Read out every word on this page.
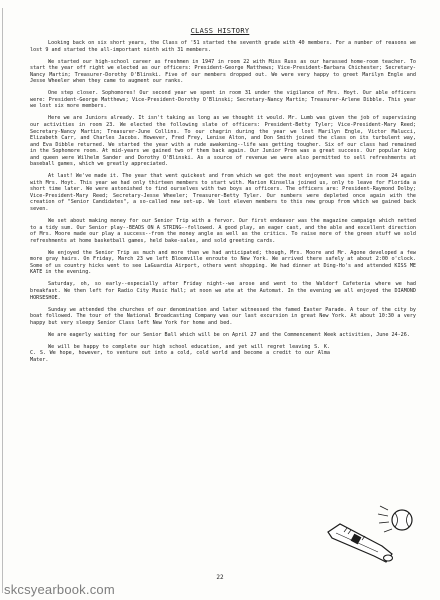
CLASS HISTORY

Looking back on six short years, the Class of '51 started the seventh grade with 40 members. For a number of reasons we lost 9 and started the all-important ninth with 31 members.

We started our high-school career as freshmen in 1947 in room 22 with Miss Russ as our harassed home-room teacher. To start the year off right we elected as our officers: President-George Matthews; Vice-President-Barbara Chichester; Secretary-Nancy Martin; Treasurer-Dorothy O'Blinski. Five of our members dropped out. We were very happy to greet Marilyn Engle and Jesse Wheeler when they came to augment our ranks.

One step closer. Sophomores! Our second year we spent in room 31 under the vigilance of Mrs. Hoyt. Our able officers were: President-George Matthews; Vice-President-Dorothy O'Blinski; Secretary-Nancy Martin; Treasurer-Arlene Dibble. This year we lost six more members.

Here we are Juniors already. It isn't taking as long as we thought it would. Mr. Lumb was given the job of supervising our activities in room 23. We elected the following slate of officers: President-Betty Tyler; Vice-President-Mary Reed; Secretary-Nancy Martin; Treasurer-June Collins. To our chagrin during the year we lost Marilyn Engle, Victor Malucci, Elizabeth Carr, and Charles Jacobs. However, Fred Frey, Lenise Alton, and Don Smith joined the class on its turbulent way, and Eva Dibble returned. We started the year with a rude awakening--life was getting tougher. Six of our class had remained in the Sophomore room. At mid-years we gained two of them back again. Our Junior Prom was a great success. Our popular king and queen were Wilhelm Sander and Dorothy O'Blinski. As a source of revenue we were also permitted to sell refreshments at baseball games, which we greatly appreciated.

At last! We've made it. The year that went quickest and from which we got the most enjoyment was spent in room 24 again with Mrs. Hoyt. This year we had only thirteen members to start with. Marion Kinsella joined us, only to leave for Florida a short time later. We were astonished to find ourselves with two boys as officers. The officers are: President-Raymond Dolby; Vice-President-Mary Reed; Secretary-Jesse Wheeler; Treasurer-Betty Tyler. Our numbers were depleted once again with the creation of "Senior Candidates", a so-called new set-up. We lost eleven members to this new group from which we gained back seven.

We set about making money for our Senior Trip with a fervor. Our first endeavor was the magazine campaign which netted to a tidy sum. Our Senior play--BEADS ON A STRING--followed. A good play, an eager cast, and the able and excellent direction of Mrs. Moore made our play a success--from the money angle as well as the critics. To raise more of the green stuff we sold refreshments at home basketball games, held bake-sales, and sold greeting cards.

We enjoyed the Senior Trip as much and more than we had anticipated; though, Mrs. Moore and Mr. Agone developed a few more gray hairs. On Friday, March 23 we left Bloomville enroute to New York. We arrived there safely at about 2:00 o'clock. Some of us country hicks went to see LaGuardia Airport, others went shopping. We had dinner at Ding-Ho's and attended KISS ME KATE in the evening.

Saturday, oh, so early--especially after Friday night--we arose and went to the Waldorf Cafeteria where we had breakfast. We then left for Radio City Music Hall; at noon we ate at the Automat. In the evening we all enjoyed the DIAMOND HORSESHOE.

Sunday we attended the churches of our denomination and later witnessed the famed Easter Parade. A tour of the city by boat followed. The tour of the National Broadcasting Company was our last excursion in great New York. At about 10:30 a very happy but very sleepy Senior Class left New York for home and bed.

We are eagerly waiting for our Senior Ball which will be on April 27 and the Commencement Week activities, June 24-26.

We will be happy to complete our high school education, and yet will regret leaving S. K. C. S. We hope, however, to venture out into a cold, cold world and become a credit to our Alma Mater.

22
skcsyearbook.com
